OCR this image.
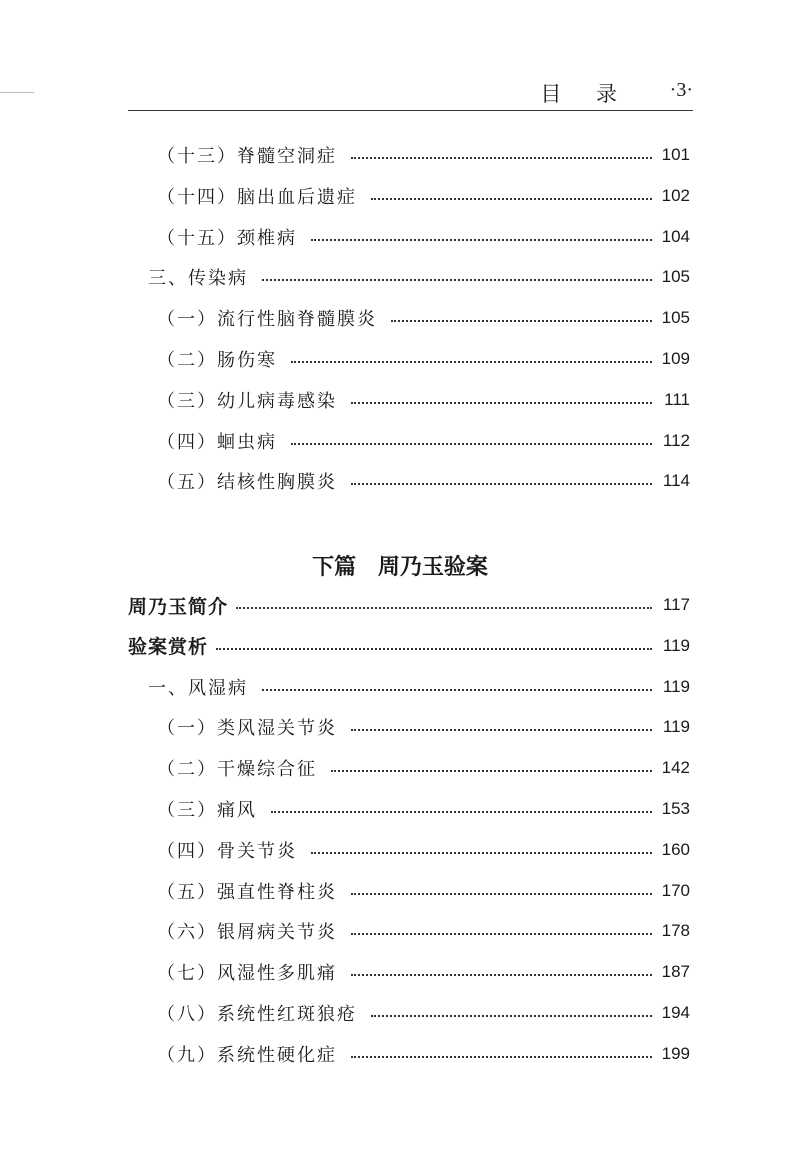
目 录 ·3·
下篇 周乃玉验案
（十三）脊髓空洞症	101
（十四）脑出血后遗症	102
（十五）颈椎病	104
三、传染病	105
（一）流行性脑脊髓膜炎	105
（二）肠伤寒	109
（三）幼儿病毒感染	111
（四）蛔虫病	112
（五）结核性胸膜炎	114
周乃玉简介	117
验案赏析	119
一、风湿病	119
（一）类风湿关节炎	119
（二）干燥综合征	142
（三）痛风	153
（四）骨关节炎	160
（五）强直性脊柱炎	170
（六）银屑病关节炎	178
（七）风湿性多肌痛	187
（八）系统性红斑狼疮	194
（九）系统性硬化症	199
